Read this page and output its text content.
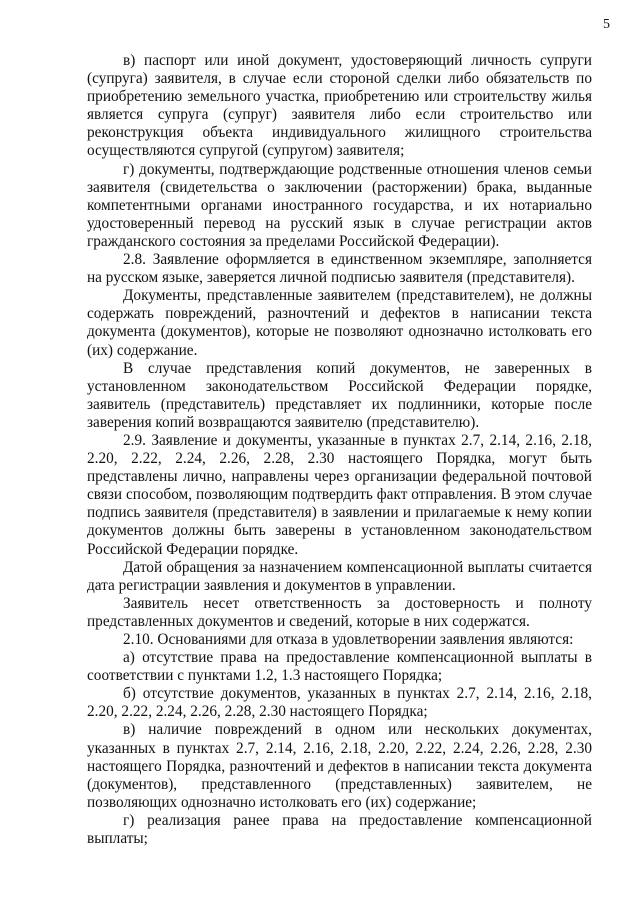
5

в) паспорт или иной документ, удостоверяющий личность супруги (супруга) заявителя, в случае если стороной сделки либо обязательств по приобретению земельного участка, приобретению или строительству жилья является супруга (супруг) заявителя либо если строительство или реконструкция объекта индивидуального жилищного строительства осуществляются супругой (супругом) заявителя;

г) документы, подтверждающие родственные отношения членов семьи заявителя (свидетельства о заключении (расторжении) брака, выданные компетентными органами иностранного государства, и их нотариально удостоверенный перевод на русский язык в случае регистрации актов гражданского состояния за пределами Российской Федерации).

2.8. Заявление оформляется в единственном экземпляре, заполняется на русском языке, заверяется личной подписью заявителя (представителя).

Документы, представленные заявителем (представителем), не должны содержать повреждений, разночтений и дефектов в написании текста документа (документов), которые не позволяют однозначно истолковать его (их) содержание.

В случае представления копий документов, не заверенных в установленном законодательством Российской Федерации порядке, заявитель (представитель) представляет их подлинники, которые после заверения копий возвращаются заявителю (представителю).

2.9. Заявление и документы, указанные в пунктах 2.7, 2.14, 2.16, 2.18, 2.20, 2.22, 2.24, 2.26, 2.28, 2.30 настоящего Порядка, могут быть представлены лично, направлены через организации федеральной почтовой связи способом, позволяющим подтвердить факт отправления. В этом случае подпись заявителя (представителя) в заявлении и прилагаемые к нему копии документов должны быть заверены в установленном законодательством Российской Федерации порядке.

Датой обращения за назначением компенсационной выплаты считается дата регистрации заявления и документов в управлении.

Заявитель несет ответственность за достоверность и полноту представленных документов и сведений, которые в них содержатся.

2.10. Основаниями для отказа в удовлетворении заявления являются:

а) отсутствие права на предоставление компенсационной выплаты в соответствии с пунктами 1.2, 1.3 настоящего Порядка;

б) отсутствие документов, указанных в пунктах 2.7, 2.14, 2.16, 2.18, 2.20, 2.22, 2.24, 2.26, 2.28, 2.30 настоящего Порядка;

в) наличие повреждений в одном или нескольких документах, указанных в пунктах 2.7, 2.14, 2.16, 2.18, 2.20, 2.22, 2.24, 2.26, 2.28, 2.30 настоящего Порядка, разночтений и дефектов в написании текста документа (документов), представленного (представленных) заявителем, не позволяющих однозначно истолковать его (их) содержание;

г) реализация ранее права на предоставление компенсационной выплаты;
